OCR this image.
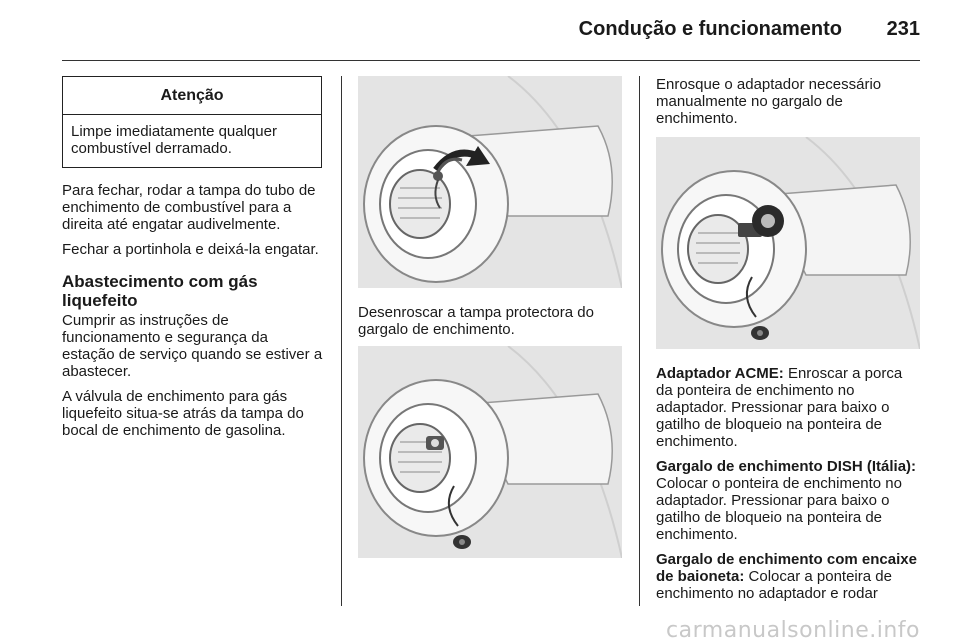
Condução e funcionamento 231
Atenção
Limpe imediatamente qualquer combustível derramado.

Para fechar, rodar a tampa do tubo de enchimento de combustível para a direita até engatar audivelmente.

Fechar a portinhola e deixá-la engatar.

Abastecimento com gás liquefeito

Cumprir as instruções de funcionamento e segurança da estação de serviço quando se estiver a abastecer.

A válvula de enchimento para gás liquefeito situa-se atrás da tampa do bocal de enchimento de gasolina.

Desenroscar a tampa protectora do gargalo de enchimento.

Enrosque o adaptador necessário manualmente no gargalo de enchimento.

Adaptador ACME: Enroscar a porca da ponteira de enchimento no adaptador. Pressionar para baixo o gatilho de bloqueio na ponteira de enchimento.

Gargalo de enchimento DISH (Itália): Colocar o ponteira de enchimento no adaptador. Pressionar para baixo o gatilho de bloqueio na ponteira de enchimento.

Gargalo de enchimento com encaixe de baioneta: Colocar a ponteira de enchimento no adaptador e rodar

carmanualsonline.info
